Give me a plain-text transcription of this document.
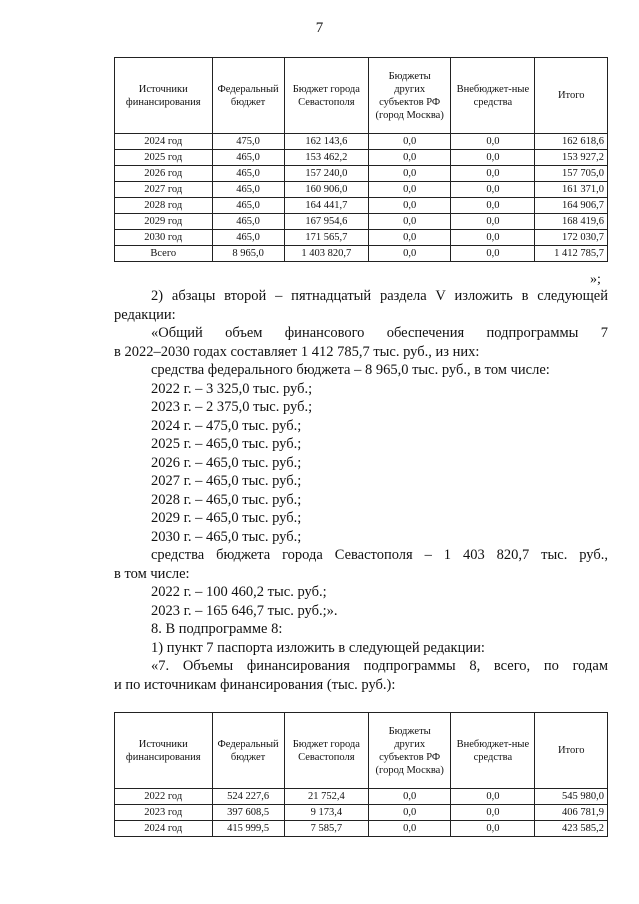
7
Источники финансирования	Федеральный бюджет	Бюджет города Севастополя	Бюджеты других субъектов РФ (город Москва)	Внебюджет-ные средства	Итого
2024 год	475,0	162 143,6	0,0	0,0	162 618,6
2025 год	465,0	153 462,2	0,0	0,0	153 927,2
2026 год	465,0	157 240,0	0,0	0,0	157 705,0
2027 год	465,0	160 906,0	0,0	0,0	161 371,0
2028 год	465,0	164 441,7	0,0	0,0	164 906,7
2029 год	465,0	167 954,6	0,0	0,0	168 419,6
2030 год	465,0	171 565,7	0,0	0,0	172 030,7
Всего	8 965,0	1 403 820,7	0,0	0,0	1 412 785,7
»;

2) абзацы второй – пятнадцатый раздела V изложить в следующей

редакции:

«Общий объем финансового обеспечения подпрограммы 7

в 2022–2030 годах составляет 1 412 785,7 тыс. руб., из них:

средства федерального бюджета – 8 965,0 тыс. руб., в том числе:

2022 г. – 3 325,0 тыс. руб.;

2023 г. – 2 375,0 тыс. руб.;

2024 г. – 475,0 тыс. руб.;

2025 г. – 465,0 тыс. руб.;

2026 г. – 465,0 тыс. руб.;

2027 г. – 465,0 тыс. руб.;

2028 г. – 465,0 тыс. руб.;

2029 г. – 465,0 тыс. руб.;

2030 г. – 465,0 тыс. руб.;

средства бюджета города Севастополя – 1 403 820,7 тыс. руб.,

в том числе:

2022 г. – 100 460,2 тыс. руб.;

2023 г. – 165 646,7 тыс. руб.;».

8. В подпрограмме 8:

1) пункт 7 паспорта изложить в следующей редакции:

«7. Объемы финансирования подпрограммы 8, всего, по годам

и по источникам финансирования (тыс. руб.):

Источники финансирования	Федеральный бюджет	Бюджет города Севастополя	Бюджеты других субъектов РФ (город Москва)	Внебюджет-ные средства	Итого
2022 год	524 227,6	21 752,4	0,0	0,0	545 980,0
2023 год	397 608,5	9 173,4	0,0	0,0	406 781,9
2024 год	415 999,5	7 585,7	0,0	0,0	423 585,2
